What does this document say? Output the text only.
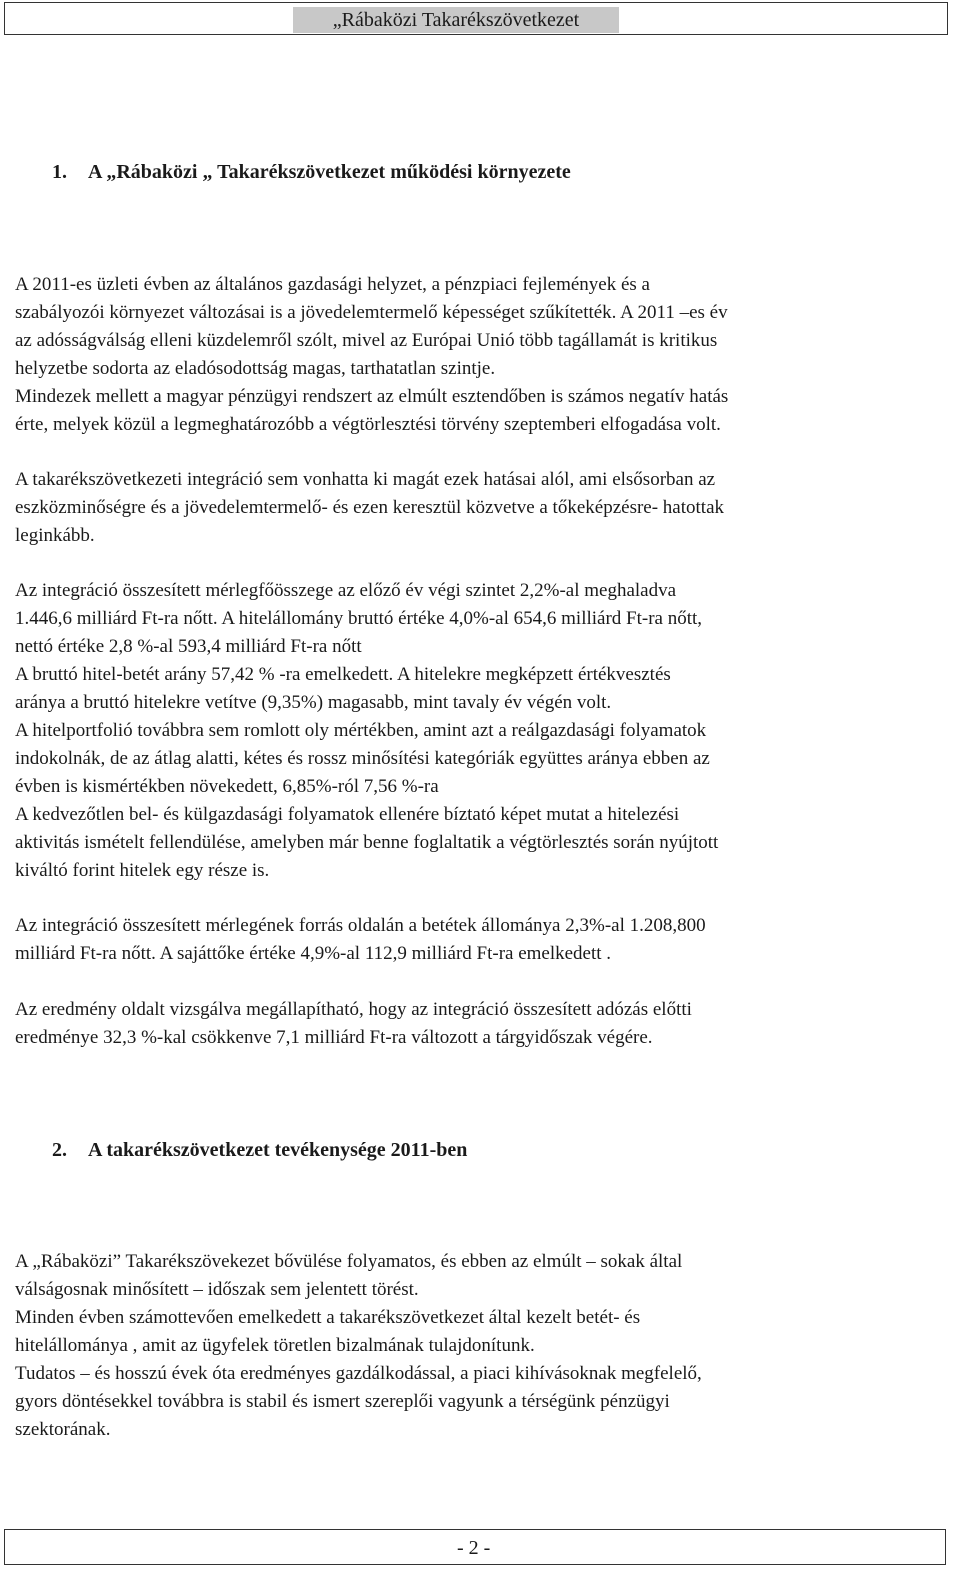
„Rábaközi Takarékszövetkezet
1. A „Rábaközi „ Takarékszövetkezet működési környezete
A 2011-es üzleti évben az általános gazdasági helyzet, a pénzpiaci fejlemények és a
szabályozói környezet változásai is a jövedelemtermelő képességet szűkítették. A 2011 –es év
az adósságválság elleni küzdelemről szólt, mivel az Európai Unió több tagállamát is kritikus
helyzetbe sodorta az eladósodottság magas, tarthatatlan szintje.
Mindezek mellett a magyar pénzügyi rendszert az elmúlt esztendőben is számos negatív hatás
érte, melyek közül a legmeghatározóbb a végtörlesztési törvény szeptemberi elfogadása volt.
A takarékszövetkezeti integráció sem vonhatta ki magát ezek hatásai alól, ami elsősorban az
eszközminőségre és a jövedelemtermelő- és ezen keresztül közvetve a tőkeképzésre- hatottak
leginkább.
Az integráció összesített mérlegfőösszege az előző év végi szintet 2,2%-al meghaladva
1.446,6 milliárd Ft-ra nőtt. A hitelállomány bruttó értéke 4,0%-al 654,6 milliárd Ft-ra nőtt,
nettó értéke 2,8 %-al 593,4 milliárd Ft-ra nőtt
A bruttó hitel-betét arány 57,42 % -ra emelkedett. A hitelekre megképzett értékvesztés
aránya a bruttó hitelekre vetítve (9,35%) magasabb, mint tavaly év végén volt.
A hitelportfolió továbbra sem romlott oly mértékben, amint azt a reálgazdasági folyamatok
indokolnák, de az átlag alatti, kétes és rossz minősítési kategóriák együttes aránya ebben az
évben is kismértékben növekedett, 6,85%-ról 7,56 %-ra
A kedvezőtlen bel- és külgazdasági folyamatok ellenére bíztató képet mutat a hitelezési
aktivitás ismételt fellendülése, amelyben már benne foglaltatik a végtörlesztés során nyújtott
kiváltó forint hitelek egy része is.
Az integráció összesített mérlegének forrás oldalán a betétek állománya 2,3%-al 1.208,800
milliárd Ft-ra nőtt. A sajáttőke értéke 4,9%-al 112,9 milliárd Ft-ra emelkedett .
Az eredmény oldalt vizsgálva megállapítható, hogy az integráció összesített adózás előtti
eredménye 32,3 %-kal csökkenve 7,1 milliárd Ft-ra változott a tárgyidőszak végére.
2. A takarékszövetkezet tevékenysége 2011-ben
A „Rábaközi” Takarékszövekezet bővülése folyamatos, és ebben az elmúlt – sokak által
válságosnak minősített – időszak sem jelentett törést.
Minden évben számottevően emelkedett a takarékszövetkezet által kezelt betét- és
hitelállománya , amit az ügyfelek töretlen bizalmának tulajdonítunk.
Tudatos – és hosszú évek óta eredményes gazdálkodással, a piaci kihívásoknak megfelelő,
gyors döntésekkel továbbra is stabil és ismert szereplői vagyunk a térségünk pénzügyi
szektorának.
- 2 -
